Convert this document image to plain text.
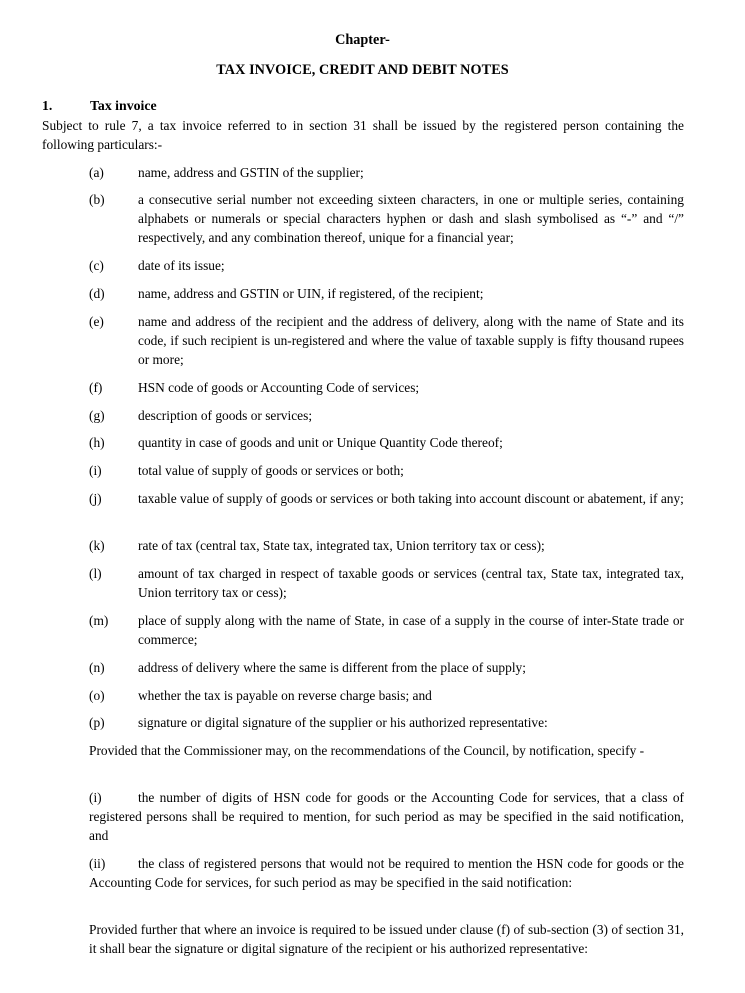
Chapter-
TAX INVOICE, CREDIT AND DEBIT NOTES
1.	Tax invoice
Subject to rule 7, a tax invoice referred to in section 31 shall be issued by the registered person containing the following particulars:-
(a)	name, address and GSTIN of the supplier;
(b)	a consecutive serial number not exceeding sixteen characters, in one or multiple series, containing alphabets or numerals or special characters hyphen or dash and slash symbolised as “-” and “/” respectively, and any combination thereof, unique for a financial year;
(c)	date of its issue;
(d)	name, address and GSTIN or UIN, if registered, of the recipient;
(e)	name and address of the recipient and the address of delivery, along with the name of State and its code, if such recipient is un-registered and where the value of taxable supply is fifty thousand rupees or more;
(f)	HSN code of goods or Accounting Code of services;
(g)	description of goods or services;
(h)	quantity in case of goods and unit or Unique Quantity Code thereof;
(i)	total value of supply of goods or services or both;
(j)	taxable value of supply of goods or services or both taking into account discount or abatement, if any;
(k)	rate of tax (central tax, State tax, integrated tax, Union territory tax or cess);
(l)	amount of tax charged in respect of taxable goods or services (central tax, State tax, integrated tax, Union territory tax or cess);
(m)	place of supply along with the name of State, in case of a supply in the course of inter-State trade or commerce;
(n)	address of delivery where the same is different from the place of supply;
(o)	whether the tax is payable on reverse charge basis; and
(p)	signature or digital signature of the supplier or his authorized representative:
Provided that the Commissioner may, on the recommendations of the Council, by notification, specify -
(i)	the number of digits of HSN code for goods or the Accounting Code for services, that a class of registered persons shall be required to mention, for such period as may be specified in the said notification, and
(ii) the class of registered persons that would not be required to mention the HSN code for goods or the Accounting Code for services, for such period as may be specified in the said notification:
Provided further that where an invoice is required to be issued under clause (f) of sub-section (3) of section 31, it shall bear the signature or digital signature of the recipient or his authorized representative:
